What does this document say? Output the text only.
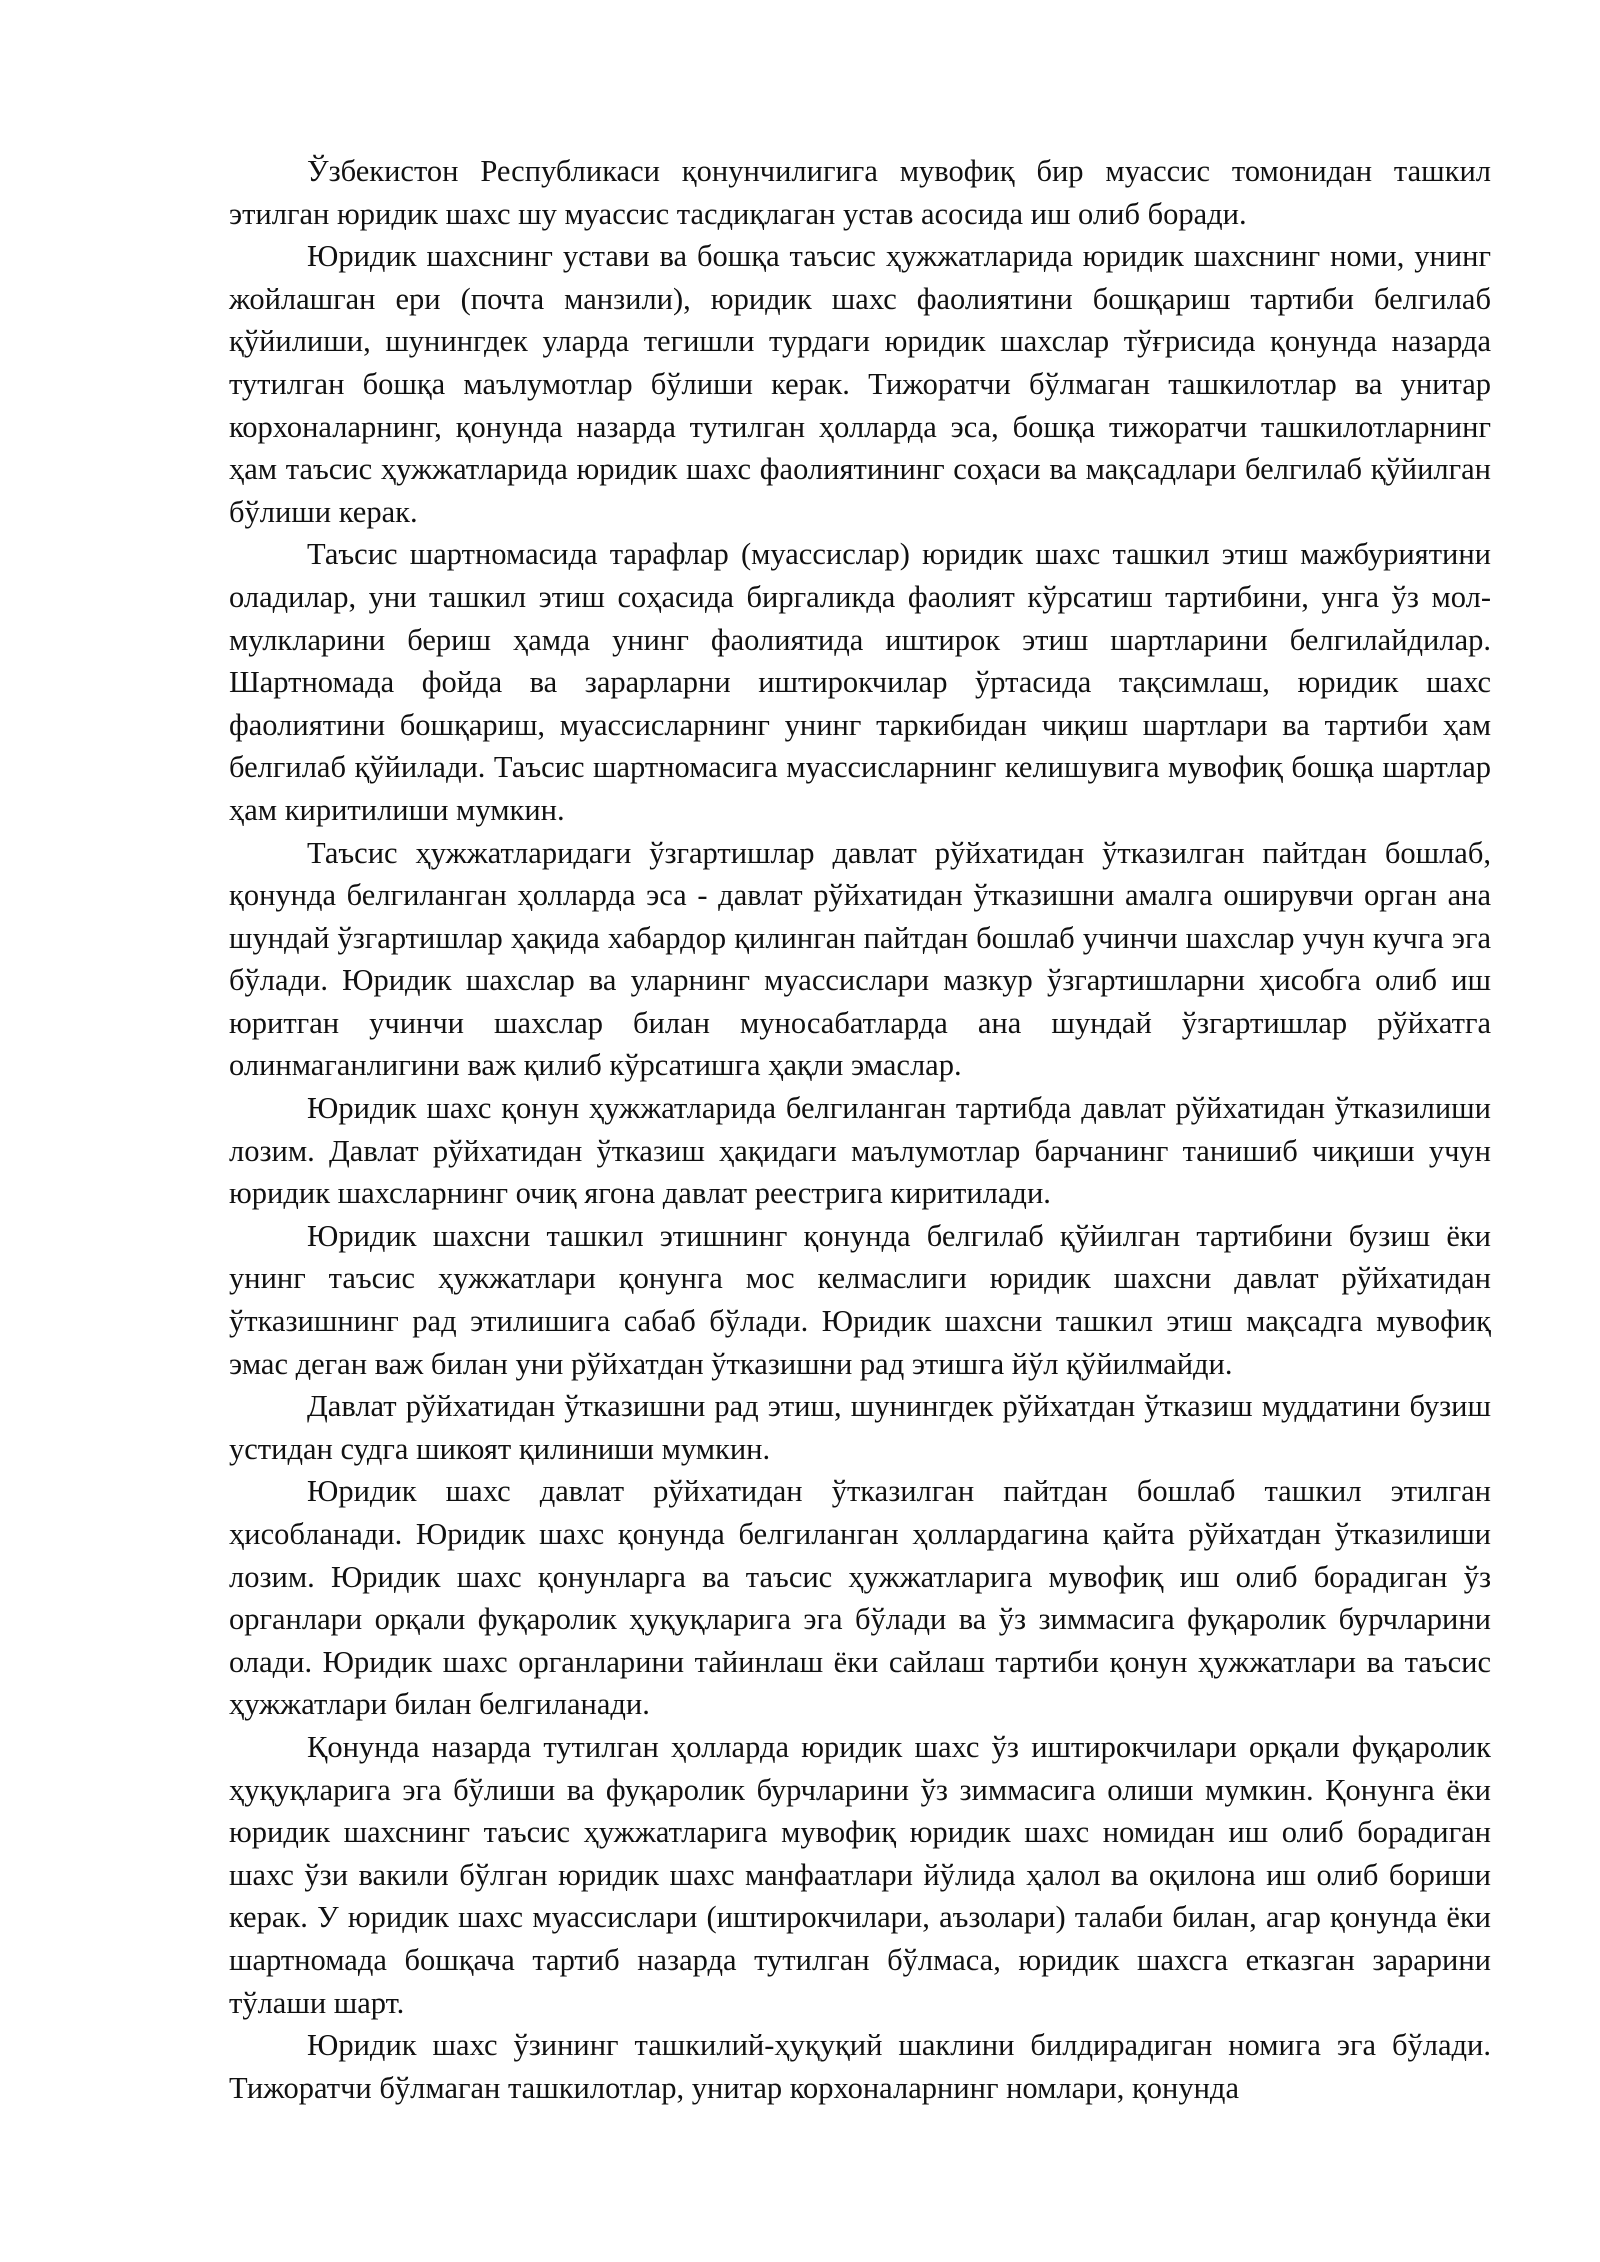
Ўзбекистон Республикаси қонунчилигига мувофиқ бир муассис томонидан ташкил этилган юридик шахс шу муассис тасдиқлаган устав асосида иш олиб боради.

Юридик шахснинг устави ва бошқа таъсис ҳужжатларида юридик шахснинг номи, унинг жойлашган ери (почта манзили), юридик шахс фаолиятини бошқариш тартиби белгилаб қўйилиши, шунингдек уларда тегишли турдаги юридик шахслар тўғрисида қонунда назарда тутилган бошқа маълумотлар бўлиши керак. Тижоратчи бўлмаган ташкилотлар ва унитар корхоналарнинг, қонунда назарда тутилган ҳолларда эса, бошқа тижоратчи ташкилотларнинг ҳам таъсис ҳужжатларида юридик шахс фаолиятининг соҳаси ва мақсадлари белгилаб қўйилган бўлиши керак.

Таъсис шартномасида тарафлар (муассислар) юридик шахс ташкил этиш мажбуриятини оладилар, уни ташкил этиш соҳасида биргаликда фаолият кўрсатиш тартибини, унга ўз мол-мулкларини бериш ҳамда унинг фаолиятида иштирок этиш шартларини белгилайдилар. Шартномада фойда ва зарарларни иштирокчилар ўртасида тақсимлаш, юридик шахс фаолиятини бошқариш, муассисларнинг унинг таркибидан чиқиш шартлари ва тартиби ҳам белгилаб қўйилади. Таъсис шартномасига муассисларнинг келишувига мувофиқ бошқа шартлар ҳам киритилиши мумкин.

Таъсис ҳужжатларидаги ўзгартишлар давлат рўйхатидан ўтказилган пайтдан бошлаб, қонунда белгиланган ҳолларда эса - давлат рўйхатидан ўтказишни амалга оширувчи орган ана шундай ўзгартишлар ҳақида хабардор қилинган пайтдан бошлаб учинчи шахслар учун кучга эга бўлади. Юридик шахслар ва уларнинг муассислари мазкур ўзгартишларни ҳисобга олиб иш юритган учинчи шахслар билан муносабатларда ана шундай ўзгартишлар рўйхатга олинмаганлигини важ қилиб кўрсатишга ҳақли эмаслар.

Юридик шахс қонун ҳужжатларида белгиланган тартибда давлат рўйхатидан ўтказилиши лозим. Давлат рўйхатидан ўтказиш ҳақидаги маълумотлар барчанинг танишиб чиқиши учун юридик шахсларнинг очиқ ягона давлат реестрига киритилади.

Юридик шахсни ташкил этишнинг қонунда белгилаб қўйилган тартибини бузиш ёки унинг таъсис ҳужжатлари қонунга мос келмаслиги юридик шахсни давлат рўйхатидан ўтказишнинг рад этилишига сабаб бўлади. Юридик шахсни ташкил этиш мақсадга мувофиқ эмас деган важ билан уни рўйхатдан ўтказишни рад этишга йўл қўйилмайди.

Давлат рўйхатидан ўтказишни рад этиш, шунингдек рўйхатдан ўтказиш муддатини бузиш устидан судга шикоят қилиниши мумкин.

Юридик шахс давлат рўйхатидан ўтказилган пайтдан бошлаб ташкил этилган ҳисобланади. Юридик шахс қонунда белгиланган ҳоллардагина қайта рўйхатдан ўтказилиши лозим. Юридик шахс қонунларга ва таъсис ҳужжатларига мувофиқ иш олиб борадиган ўз органлари орқали фуқаролик ҳуқуқларига эга бўлади ва ўз зиммасига фуқаролик бурчларини олади. Юридик шахс органларини тайинлаш ёки сайлаш тартиби қонун ҳужжатлари ва таъсис ҳужжатлари билан белгиланади.

Қонунда назарда тутилган ҳолларда юридик шахс ўз иштирокчилари орқали фуқаролик ҳуқуқларига эга бўлиши ва фуқаролик бурчларини ўз зиммасига олиши мумкин. Қонунга ёки юридик шахснинг таъсис ҳужжатларига мувофиқ юридик шахс номидан иш олиб борадиган шахс ўзи вакили бўлган юридик шахс манфаатлари йўлида ҳалол ва оқилона иш олиб бориши керак. У юридик шахс муассислари (иштирокчилари, аъзолари) талаби билан, агар қонунда ёки шартномада бошқача тартиб назарда тутилган бўлмаса, юридик шахсга етказган зарарини тўлаши шарт.

Юридик шахс ўзининг ташкилий-ҳуқуқий шаклини билдирадиган номига эга бўлади. Тижоратчи бўлмаган ташкилотлар, унитар корхоналарнинг номлари, қонунда
